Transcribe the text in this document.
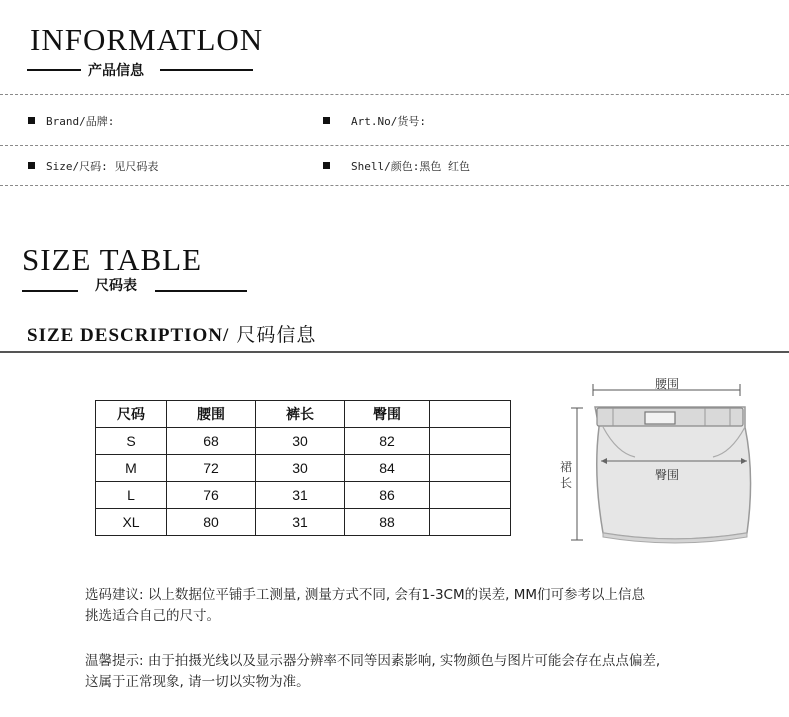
INFORMATLON
产品信息
Brand/品牌:	Art.No/货号:
Size/尺码: 见尺码表	Shell/颜色:黑色 红色
SIZE TABLE
尺码表
SIZE DESCRIPTION/ 尺码信息
尺码	腰围	裤长	臀围	
S	68	30	82	
M	72	30	84	
L	76	31	86	
XL	80	31	88	
腰围
臀围
裙
长
选码建议: 以上数据位平铺手工测量, 测量方式不同, 会有1-3CM的误差, MM们可参考以上信息
挑选适合自己的尺寸。
温馨提示: 由于拍摄光线以及显示器分辨率不同等因素影响, 实物颜色与图片可能会存在点点偏差,
这属于正常现象, 请一切以实物为准。
